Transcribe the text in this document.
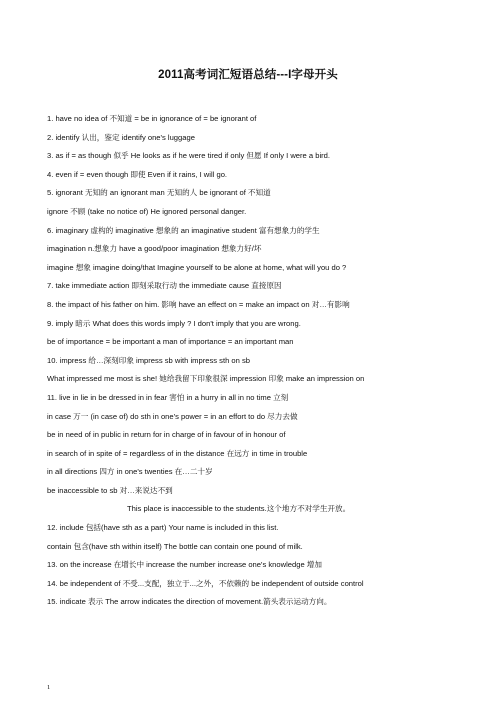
2011高考词汇短语总结---I字母开头
1. have no idea of 不知道 = be in ignorance of = be ignorant of
2. identify 认出，鉴定 identify one's luggage
3. as if = as though 似乎 He looks as if he were tired if only 但愿 If only I were a bird.
4. even if = even though 即使 Even if it rains, I will go.
5. ignorant 无知的 an ignorant man 无知的人 be ignorant of 不知道
ignore 不顾 (take no notice of) He ignored personal danger.
6. imaginary 虚构的 imaginative 想象的 an imaginative student 富有想象力的学生
imagination n.想象力 have a good/poor imagination 想象力好/坏
imagine 想象 imagine doing/that Imagine yourself to be alone at home, what will you do ?
7. take immediate action 即刻采取行动 the immediate cause 直接原因
8. the impact of his father on him. 影响 have an effect on = make an impact on 对…有影响
9. imply 暗示 What does this words imply ? I don't imply that you are wrong.
be of importance = be important a man of importance = an important man
10. impress 给…深刻印象 impress sb with impress sth on sb
What impressed me most is she! 她给我留下印象很深 impression 印象 make an impression on
11. live in lie in be dressed in in fear 害怕 in a hurry in all in no time 立刻
in case 万一 (in case of) do sth in one's power = in an effort to do 尽力去做
be in need of in public in return for in charge of in favour of in honour of
in search of in spite of = regardless of in the distance 在远方 in time in trouble
in all directions 四方 in one's twenties 在…二十岁
be inaccessible to sb 对…来说达不到
This place is inaccessible to the students.这个地方不对学生开放。
12. include 包括(have sth as a part) Your name is included in this list.
contain 包含(have sth within itself) The bottle can contain one pound of milk.
13. on the increase 在增长中 increase the number increase one's knowledge 增加
14. be independent of 不受...支配，独立于...之外，不依赖的 be independent of outside control
15. indicate 表示 The arrow indicates the direction of movement.箭头表示运动方向。
1
